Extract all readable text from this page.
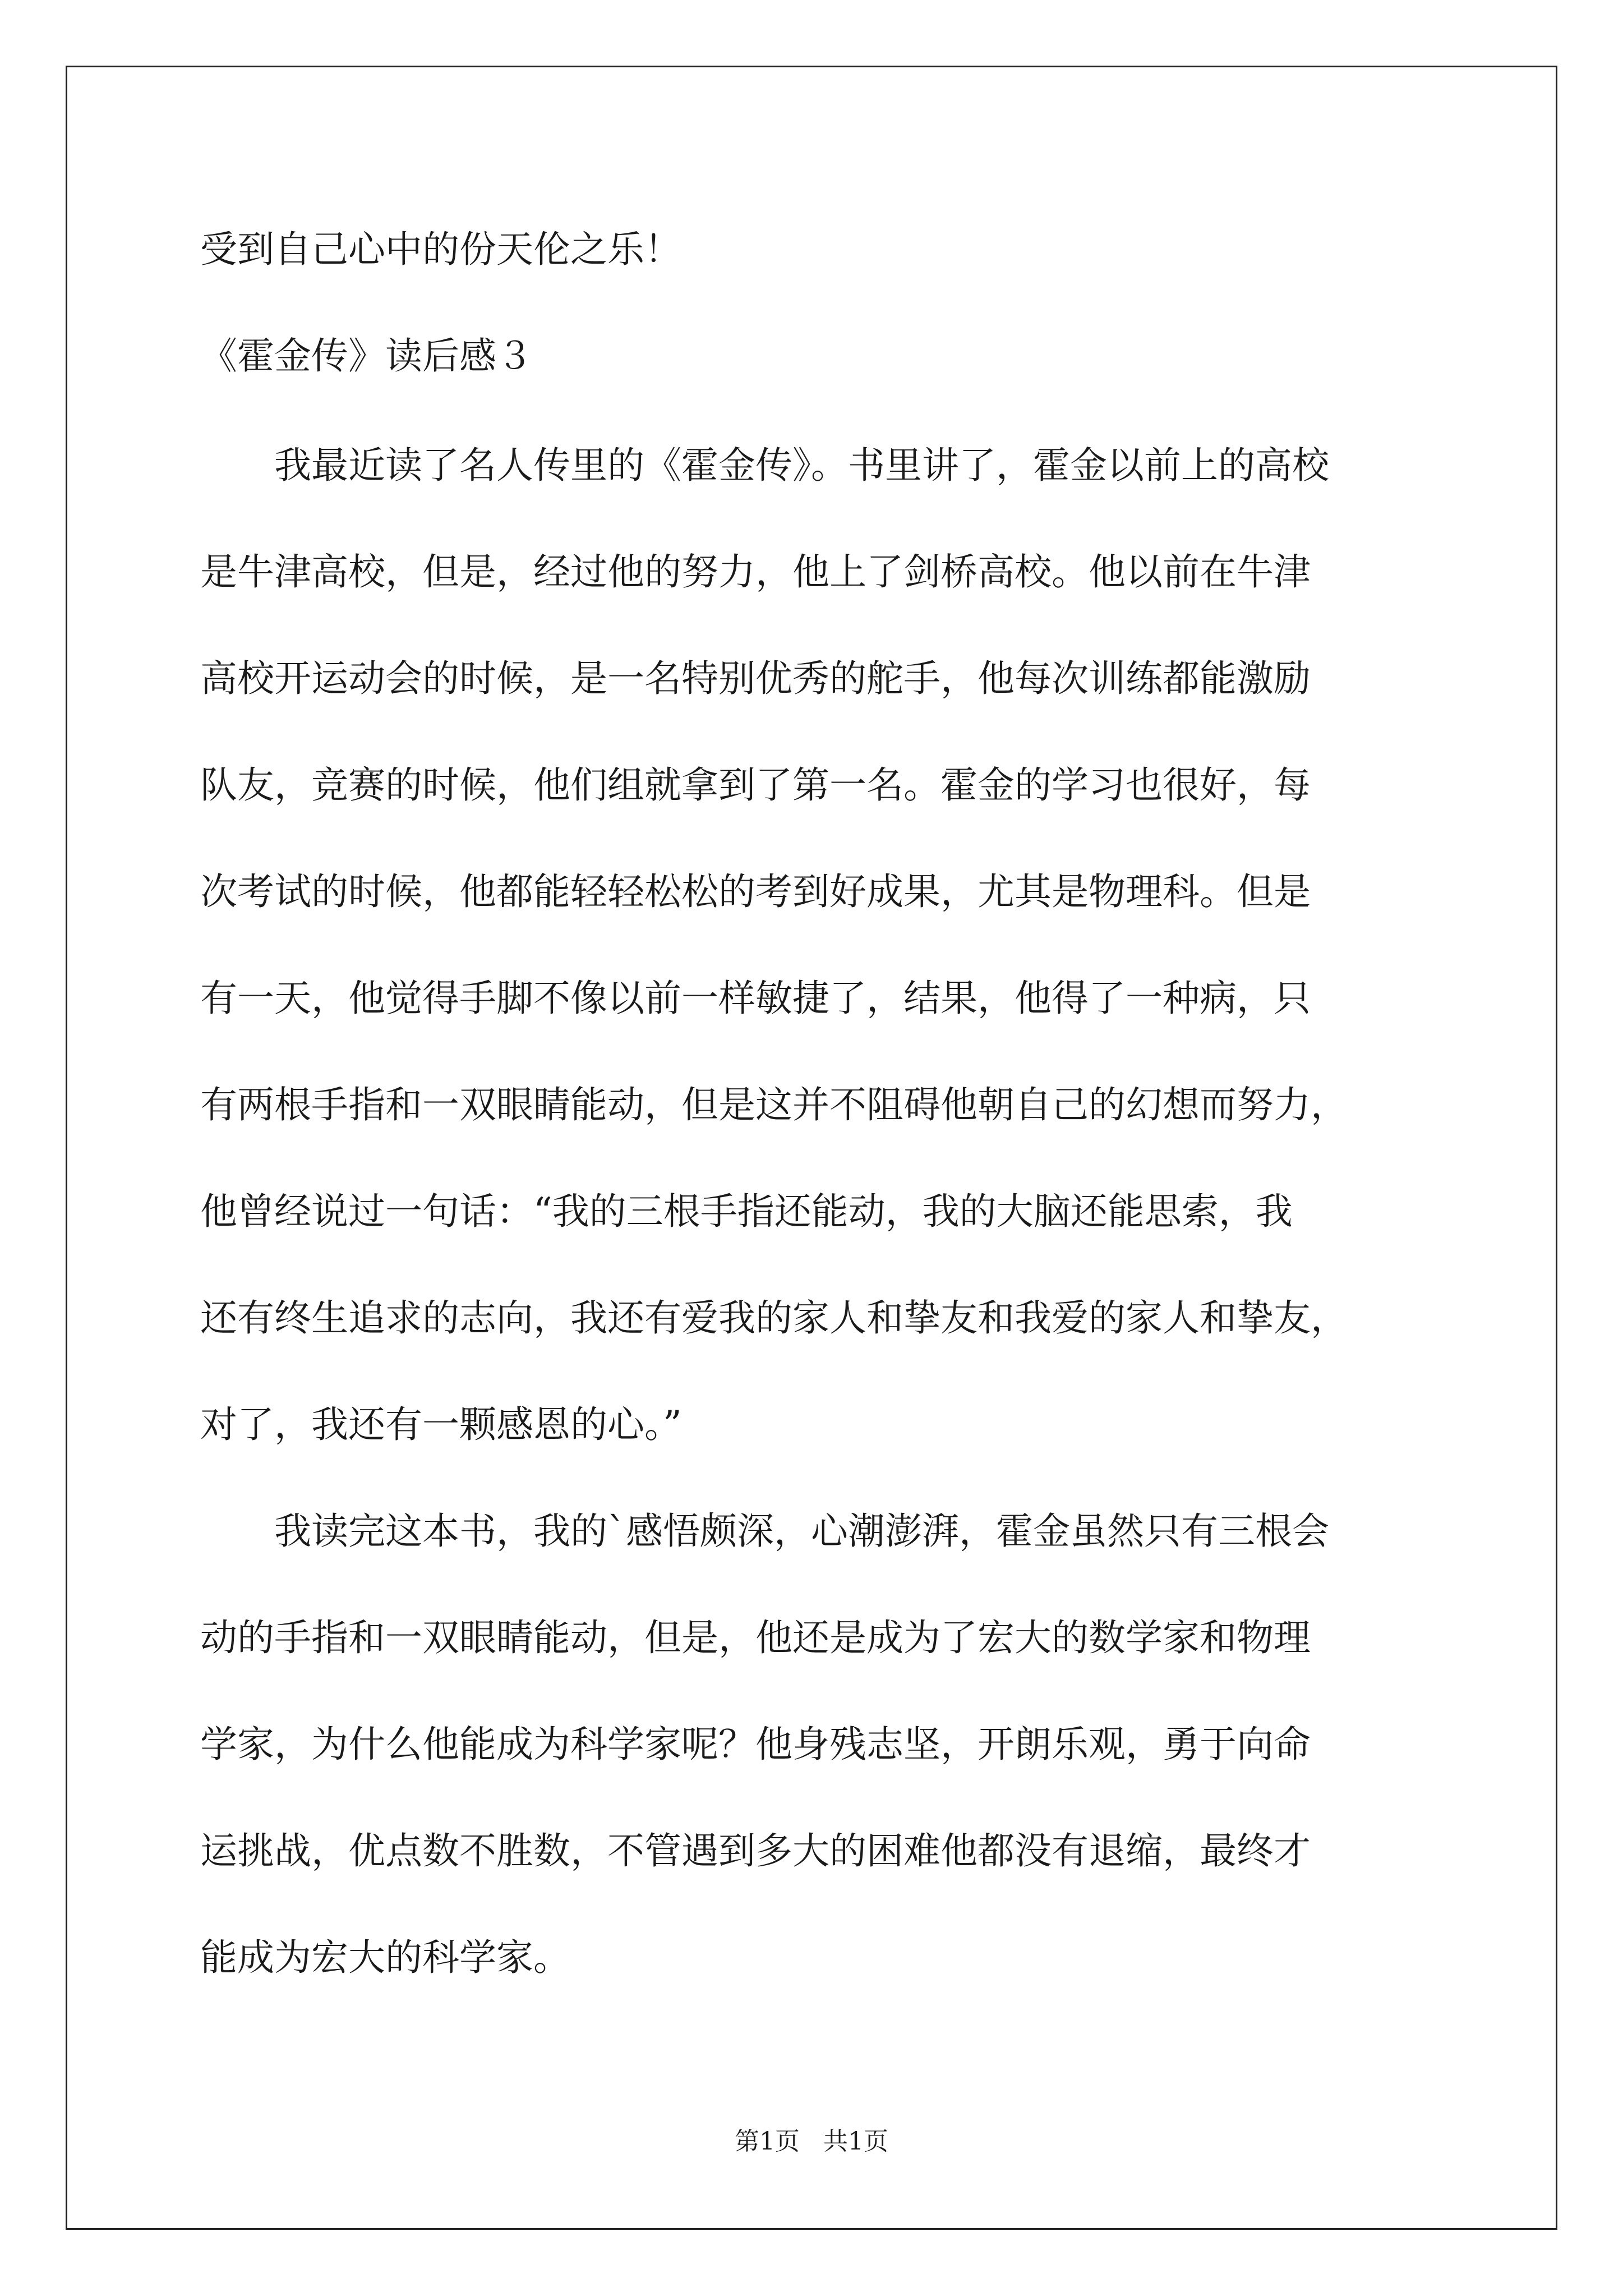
受到自己心中的份天伦之乐！

《霍金传》读后感３

　　我最近读了名人传里的《霍金传》。书里讲了，霍金以前上的高校

是牛津高校，但是，经过他的努力，他上了剑桥高校。他以前在牛津

高校开运动会的时候，是一名特别优秀的舵手，他每次训练都能激励

队友，竞赛的时候，他们组就拿到了第一名。霍金的学习也很好，每

次考试的时候，他都能轻轻松松的考到好成果，尤其是物理科。但是

有一天，他觉得手脚不像以前一样敏捷了，结果，他得了一种病，只

有两根手指和一双眼睛能动，但是这并不阻碍他朝自己的幻想而努力，

他曾经说过一句话：“我的三根手指还能动，我的大脑还能思索，我

还有终生追求的志向，我还有爱我的家人和挚友和我爱的家人和挚友，

对了，我还有一颗感恩的心。”

　　我读完这本书，我的`感悟颇深，心潮澎湃，霍金虽然只有三根会

动的手指和一双眼睛能动，但是，他还是成为了宏大的数学家和物理

学家，为什么他能成为科学家呢？他身残志坚，开朗乐观，勇于向命

运挑战，优点数不胜数，不管遇到多大的困难他都没有退缩，最终才

能成为宏大的科学家。

第1页 共1页
